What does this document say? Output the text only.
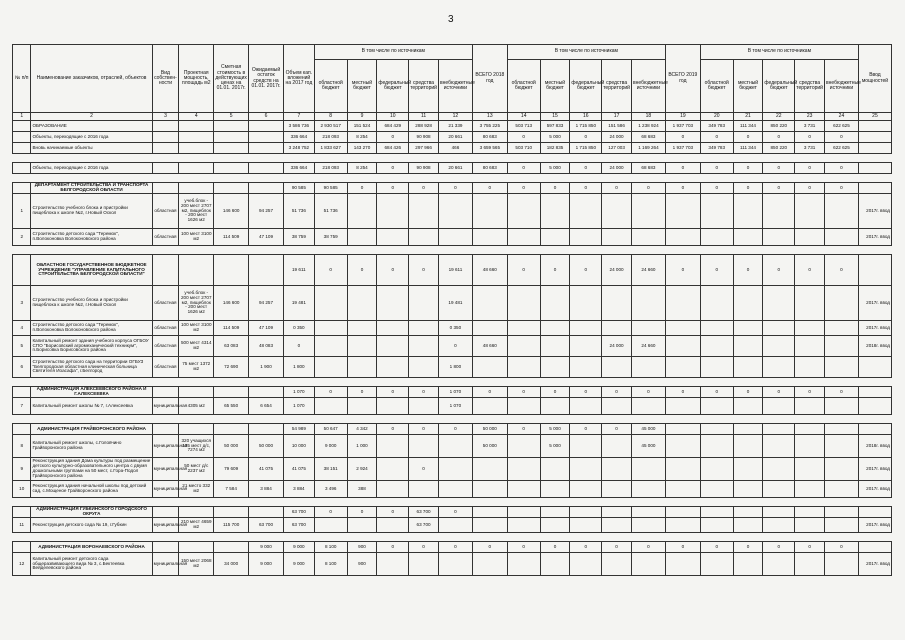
3
№ п/п	Наименование заказчиков, отраслей, объектов	Вид собствен-ности	Проектная мощность, площадь м2	Сметная стоимость в действующих ценах на 01.01. 2017г.	Ожидаемый остаток средств на 01.01. 2017г.	Объем кап. вложений на 2017 год	В том числе по источникам					ВСЕГО 2018 год	В том числе по источникам					ВСЕГО 2019 год	В том числе по источникам					Ввод мощностей
							областной бюджет	местный бюджет	федеральный бюджет	средства территорий	внебюджетные источники		областной бюджет	местный бюджет	федеральный бюджет	средства территорий	внебюджетные источники		областной бюджет	местный бюджет	федеральный бюджет	средства территорий	внебюджетные источники	
1	2	3	4	5	6	7	8	9	10	11	12	13	14	15	16	17	18	19	20	21	22	23	24	25
	ОБРАЗОВАНИЕ					3 586 736	2 930 517	151 524	684 429	288 928	21 339	3 755 225	503 713	597 833	1 715 850	151 586	1 238 924	1 937 703	349 783	111 344	850 220	3 731	622 625	
	Объекты, переходящие с 2016 года					336 664	218 093	8 254	0	90 908	20 661	80 683	0	5 000	0	24 000	68 683	0	0	0	0	0	0	
	Вновь начинаемые объекты					3 248 752	1 833 627	143 270	684 426	297 966	466	3 659 565	503 710	182 835	1 715 850	127 003	1 169 264	1 937 703	349 783	111 344	850 220	3 731	622 625	

	Объекты, переходящие с 2016 года					336 664	218 093	8 254	0	90 908	20 661	80 683	0	5 000	0	24 000	68 683	0	0	0	0	0	0	

	ДЕПАРТАМЕНТ СТРОИТЕЛЬСТВА И ТРАНСПОРТА БЕЛГОРОДСКОЙ ОБЛАСТИ					90 585	90 585	0	0	0	0	0	0	0	0	0	0	0	0	0	0	0	0	
1	Строительство учебного блока и пристройки пищеблока к школе №2, г.Новый Оскол	областная	учеб.блок - 200 мест 2707 м2, пищеблок - 200 мест 1626 м2	146 600	94 257	51 736	51 736																	2017г. ввод
2	Строительство детского сада "Теремок", п.Волоконовка Волоконовского района	областная	100 мест 3100 м2	114 509	47 109	38 759	38 759																	2017г. ввод

	ОБЛАСТНОЕ ГОСУДАРСТВЕННОЕ БЮДЖЕТНОЕ УЧРЕЖДЕНИЕ "УПРАВЛЕНИЕ КАПИТАЛЬНОГО СТРОИТЕЛЬСТВА БЕЛГОРОДСКОЙ ОБЛАСТИ"					19 611	0	0	0	0	19 611	48 660	0	0	0	24 000	24 660	0	0	0	0	0	0	
3	Строительство учебного блока и пристройки пищеблока к школе №2, г.Новый Оскол	областная	учеб.блок - 200 мест 2707 м2, пищеблок - 200 мест 1626 м2	146 600	94 257	19 481					19 481													2017г. ввод
4	Строительство детского сада "Теремок", п.Волоконовка Волоконовского района	областная	100 мест 3100 м2	114 509	47 109	0 350					0 350													2017г. ввод
5	Капитальный ремонт здания учебного корпуса ОГБОУ СПО "Борисовский агромеханический техникум", п.Борисовка Борисовского района	областная	500 мест 4314 м2	63 083	48 083	0					0	48 660				24 000	24 660							2018г. ввод
6	Строительство детского сада на территории ОГБУЗ "Белгородская областная клиническая больница Святителя Иоасафа", г.Белгород	областная	75 мест 1372 м2	72 690	1 900	1 800					1 800													

	АДМИНИСТРАЦИЯ АЛЕКСЕЕВСКОГО РАЙОНА И Г.АЛЕКСЕЕВКА					1 070	0	0	0	0	1 070	0	0	0	0	0	0	0	0	0	0	0	0	
7	Капитальный ремонт школы № 7, г.Алексеевка	муниципальная	4305 м2	65 550	6 654	1 070					1 070													

	АДМИНИСТРАЦИЯ ГРАЙВОРОНСКОГО РАЙОНА					54 989	50 647	4 342	0	0	0	50 000	0	5 000	0	0	45 000							
8	Капитальный ремонт школы, с.Головчино Грайворонского района	муниципальная	320 учащихся 135 мест д/с, 7274 м2	50 000	50 000	10 000	9 000	1 000				50 000		5 000			45 000							2018г. ввод
9	Реконструкция здания Дома культуры под размещение детского культурно-образовательного центра с двумя дошкольными группами на 50 мест, с.Гора-Подол Грайворонского района	муниципальная	50 мест д/с 2237 м2	79 609	41 075	41 075	38 151	2 924		0														2017г. ввод
10	Реконструкция здания начальной школы под детский сад, с.Мощеное Грайворонского района	муниципальная	21 место 332 м2	7 584	3 884	3 884	3 496	388																2017г. ввод

	АДМИНИСТРАЦИЯ ГУБКИНСКОГО ГОРОДСКОГО ОКРУГА					63 700	0	0	0	63 700	0													
11	Реконструкция детского сада № 19, г.Губкин	муниципальная	210 мест 4659 м2	115 700	63 700	63 700				63 700														2017г. ввод

	АДМИНИСТРАЦИЯ ВОРОНАЕВСКОГО РАЙОНА				9 000	9 000	8 100	900	0	0	0	0	0	0	0	0	0	0	0	0	0	0	0	
12	Капитальный ремонт детского сада общеразвивающего вида № 3, с.Бектеевка Вейделевского района	муниципальная	150 мест 2068 м2	34 000	9 000	9 000	8 100	900																2017г. ввод
